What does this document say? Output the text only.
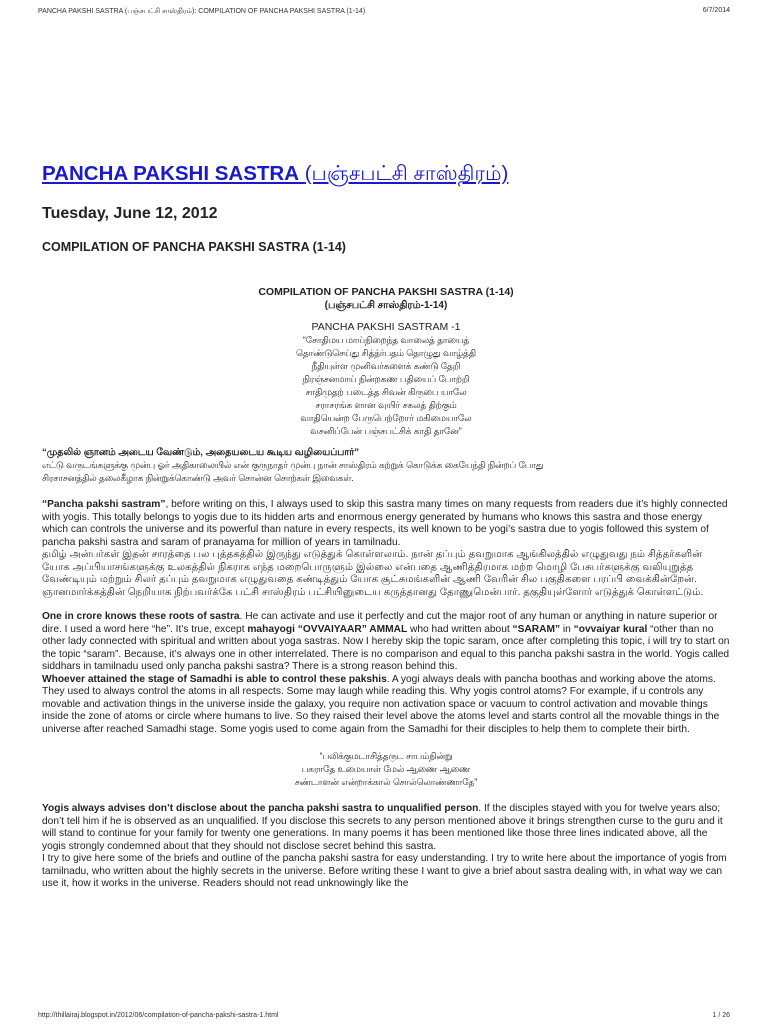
PANCHA PAKSHI SASTRA (பஞ்சபட்சி சாஸ்திரம்): COMPILATION OF PANCHA PAKSHI SASTRA (1-14)	6/7/2014
PANCHA PAKSHI SASTRA (பஞ்சபட்சி சாஸ்திரம்)
Tuesday, June 12, 2012
COMPILATION OF PANCHA PAKSHI SASTRA (1-14)
COMPILATION OF PANCHA PAKSHI SASTRA (1-14)
(பஞ்சபட்சி சாஸ்திரம்-1-14)
PANCHA PAKSHI SASTRAM -1
“சோதிமய மாய்நிறைந்த வாலைத் தாயைத்
தொண்டுசெய்து சித்த்ர்பதம் தொழுது வாழ்த்தி
நீதியுள்ள முனிவர்களைக் கண்டு தேறி
நிரஞ்சனமாய் நின்றகண பதியைப் போற்றி
சாதிமுதற் படைத்த சிவன் கிருபை யாலே
சராசரங்க ளான வுயிர் சகலத் திற்கும்
வாதியென்ற பேருபெற்றோர் மகிமையாலே
வசனிப்பேன் பஞ்சபட்சிக் காதி தானே”
“முதலில் ஞானம் அடைய வேண்டும், அதையடைய கூடிய வழியைப்பார்”
எட்டு வருடங்களுக்கு முன்பு ஓர் அதிகாலையில் என் குருநாதர் முன்பு நான் சாஸ்திரம் கற்றுக் கொடுக்க கையேந்தி நின்றப் போது
சிரசாசனத்தில் தலைகீழாக நின்றுக்கொண்டு அவர் சொன்ன சொற்கள் இவைகள்.

“Pancha pakshi sastram”, before writing on this, I always used to skip this sastra many times on many requests from readers due it’s highly connected with yogis. This totally belongs to yogis due to its hidden arts and enormous energy generated by humans who knows this sastra and those energy which can controls the universe and its powerful than nature in every respects, its well known to be yogi’s sastra due to yogis followed this system of pancha pakshi sastra and saram of pranayama for million of years in tamilnadu.

தமிழ் அன்பர்கள் இதன் சாரத்தை பல புத்தகத்தில் இருந்து எடுத்துக் கொள்ளலாம். நான் தப்பும் தவறுமாக ஆங்கிலத்தில் எழுதுவது நம் சித்தர்களின் யோக அப்பியாசங்களுக்கு உலகத்தில் நிகராக எந்த மறைபொருளும் இல்லை என்பதை ஆணித்திரமாக மற்ற மொழி பேசுபர்களுக்கு வலியுறுத்த வேண்டியும் மற்றும் சிலர் தப்பும் தவறுமாக எழுதுவதை கண்டித்தும் யோக சூட்சுமங்களின் ஆணி வேரின் சில பகுதிகளை பரப்பி வைக்கின்றேன். ஞானமார்க்கத்தின் நெறியாக நிற்பவர்க்கே பட்சி சாஸ்திரம் பட்சியினுடைய கருத்தானது தோணுமென்பார். தகுதியுள்ளோர் எடுத்துக் கொள்ளட்டும்.

One in crore knows these roots of sastra. He can activate and use it perfectly and cut the major root of any human or anything in nature superior or dire. I used a word here “he”. It’s true, except mahayogi “OVVAIYAAR” AMMAL who had written about “SARAM” in “ovvaiyar kural “other than no other lady connected with spiritual and written about yoga sastras. Now I hereby skip the topic saram, once after completing this topic, i will try to start on the topic “saram”. Because, it’s always one in other interrelated. There is no comparison and equal to this pancha pakshi sastra in the world. Yogis called siddhars in tamilnadu used only pancha pakshi sastra? There is a strong reason behind this.

Whoever attained the stage of Samadhi is able to control these pakshis. A yogi always deals with pancha boothas and working above the atoms. They used to always control the atoms in all respects. Some may laugh while reading this. Why yogis control atoms? For example, if u controls any movable and activation things in the universe inside the galaxy, you require non activation space or vacuum to control activation and movable things inside the zone of atoms or circle where humans to live. So they raised their level above the atoms level and starts control all the movable things in the universe after reached Samadhi stage. Some yogis used to come again from the Samadhi for their disciples to help them to complete their birth.

“பலிக்குமடாசித்தருட சாபம்நின்று
பகராதே உமையாள் மேல் ஆணை ஆணை
சண்டாளன் என்றாக்கால் சொல்லொண்ணாதே”

Yogis always advises don’t disclose about the pancha pakshi sastra to unqualified person. If the disciples stayed with you for twelve years also; don’t tell him if he is observed as an unqualified. If you disclose this secrets to any person mentioned above it brings strengthen curse to the guru and it will stand to continue for your family for twenty one generations. In many poems it has been mentioned like those three lines indicated above, all the yogis strongly condemned about that they should not disclose secret behind this sastra.

I try to give here some of the briefs and outline of the pancha pakshi sastra for easy understanding. I try to write here about the importance of yogis from tamilnadu, who written about the highly secrets in the universe. Before writing these I want to give a brief about sastra dealing with, in what way we can use it, how it works in the universe. Readers should not read unknowingly like the

http://thillairaj.blogspot.in/2012/06/compilation-of-pancha-pakshi-sastra-1.html	1 / 26
